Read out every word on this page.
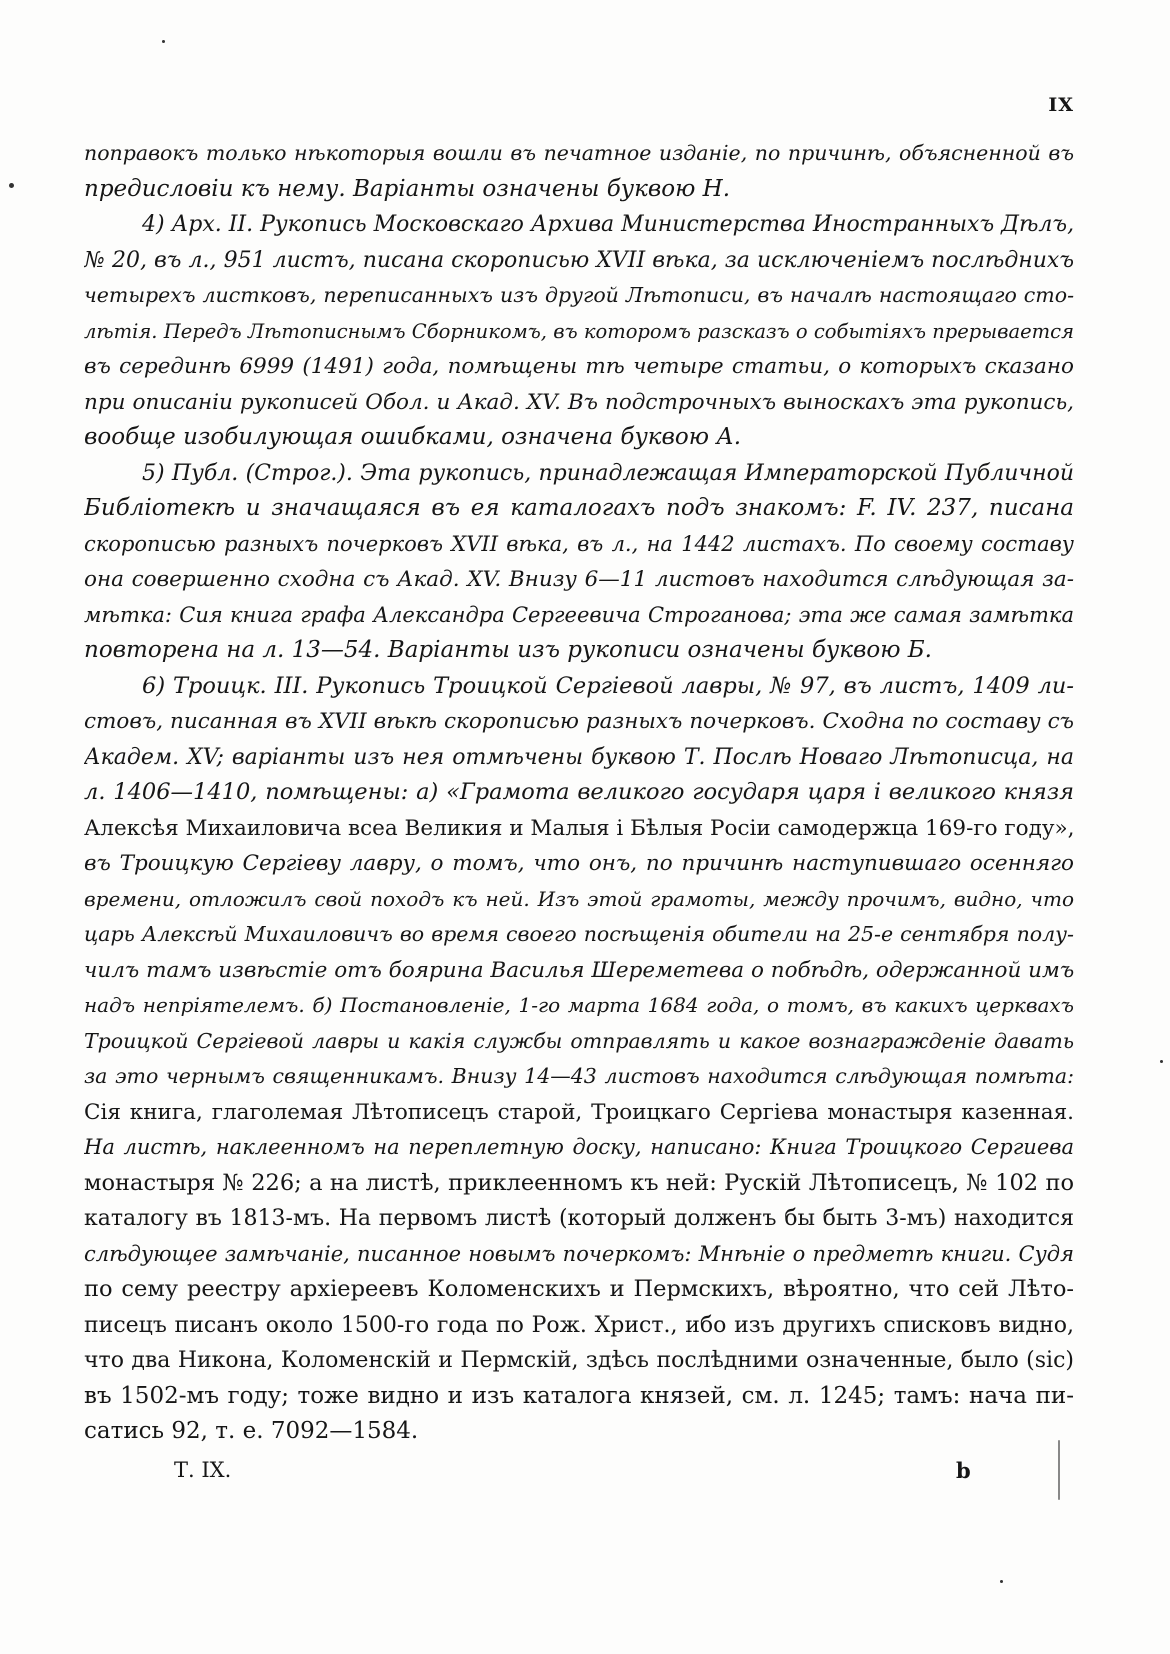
IX
поправокъ только нѣкоторыя вошли въ печатное изданіе, по причинѣ, объясненной въ
предисловіи къ нему. Варіанты означены буквою Н.
4) Арх. II. Рукопись Московскаго Архива Министерства Иностранныхъ Дѣлъ,
№ 20, въ л., 951 листъ, писана скорописью XVII вѣка, за исключеніемъ послѣднихъ
четырехъ листковъ, переписанныхъ изъ другой Лѣтописи, въ началѣ настоящаго сто-
лѣтія. Передъ Лѣтописнымъ Сборникомъ, въ которомъ разсказъ о событіяхъ прерывается
въ серединѣ 6999 (1491) года, помѣщены тѣ четыре статьи, о которыхъ сказано
при описаніи рукописей Обол. и Акад. XV. Въ подстрочныхъ выноскахъ эта рукопись,
вообще изобилующая ошибками, означена буквою А.
5) Публ. (Строг.). Эта рукопись, принадлежащая Императорской Публичной
Библіотекѣ и значащаяся въ ея каталогахъ подъ знакомъ: F. IV. 237, писана
скорописью разныхъ почерковъ XVII вѣка, въ л., на 1442 листахъ. По своему составу
она совершенно сходна съ Акад. XV. Внизу 6—11 листовъ находится слѣдующая за-
мѣтка: Сия книга графа Александра Сергеевича Строганова; эта же самая замѣтка
повторена на л. 13—54. Варіанты изъ рукописи означены буквою Б.
6) Троицк. III. Рукопись Троицкой Сергіевой лавры, № 97, въ листъ, 1409 ли-
стовъ, писанная въ XVII вѣкѣ скорописью разныхъ почерковъ. Сходна по составу съ
Академ. XV; варіанты изъ нея отмѣчены буквою Т. Послѣ Новаго Лѣтописца, на
л. 1406—1410, помѣщены: а) «Грамота великого государя царя і великого князя
Алексѣя Михаиловича всеа Великия и Малыя і Бѣлыя Росіи самодержца 169-го году»,
въ Троицкую Сергіеву лавру, о томъ, что онъ, по причинѣ наступившаго осенняго
времени, отложилъ свой походъ къ ней. Изъ этой грамоты, между прочимъ, видно, что
царь Алексѣй Михаиловичъ во время своего посѣщенія обители на 25-е сентября полу-
чилъ тамъ извѣстіе отъ боярина Василья Шереметева о побѣдѣ, одержанной имъ
надъ непріятелемъ. б) Постановленіе, 1-го марта 1684 года, о томъ, въ какихъ церквахъ
Троицкой Сергіевой лавры и какія службы отправлять и какое вознагражденіе давать
за это чернымъ священникамъ. Внизу 14—43 листовъ находится слѣдующая помѣта:
Сія книга, глаголемая Лѣтописецъ старой, Троицкаго Сергіева монастыря казенная.
На листѣ, наклеенномъ на переплетную доску, написано: Книга Троицкого Сергиева
монастыря № 226; а на листѣ, приклеенномъ къ ней: Рускій Лѣтописецъ, № 102 по
каталогу въ 1813-мъ. На первомъ листѣ (который долженъ бы быть 3-мъ) находится
слѣдующее замѣчаніе, писанное новымъ почеркомъ: Мнѣніе о предметѣ книги. Судя
по сему реестру архіереевъ Коломенскихъ и Пермскихъ, вѣроятно, что сей Лѣто-
писецъ писанъ около 1500-го года по Рож. Христ., ибо изъ другихъ списковъ видно,
что два Никона, Коломенскій и Пермскій, здѣсь послѣдними означенные, было (sic)
въ 1502-мъ году; тоже видно и изъ каталога князей, см. л. 1245; тамъ: нача пи-
сатись 92, т. е. 7092—1584.
Т. IX.	b
